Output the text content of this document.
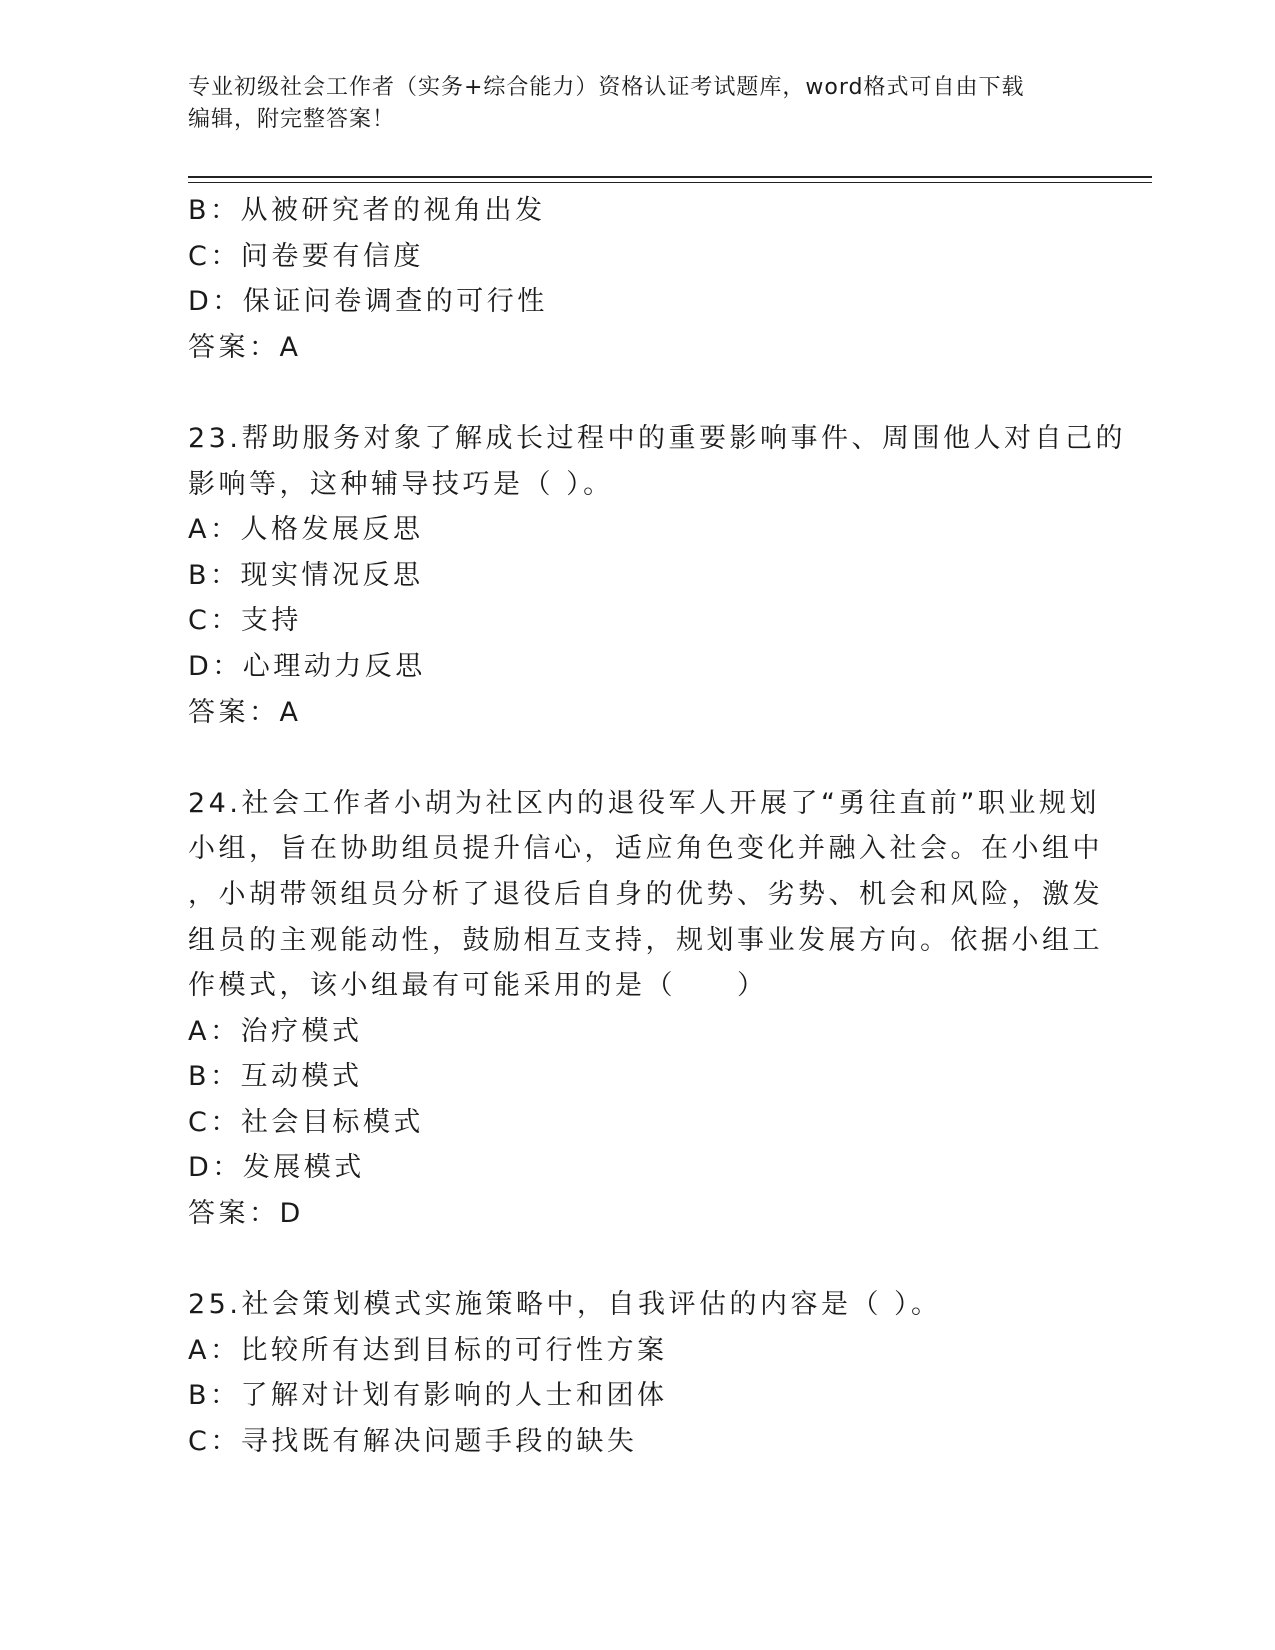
专业初级社会工作者（实务+综合能力）资格认证考试题库，word格式可自由下载
编辑，附完整答案！
B：从被研究者的视角出发
C：问卷要有信度
D：保证问卷调查的可行性
答案：A
23.帮助服务对象了解成长过程中的重要影响事件、周围他人对自己的
影响等，这种辅导技巧是（ ）。
A：人格发展反思
B：现实情况反思
C：支持
D：心理动力反思
答案：A
24.社会工作者小胡为社区内的退役军人开展了“勇往直前”职业规划
小组，旨在协助组员提升信心，适应角色变化并融入社会。在小组中
，小胡带领组员分析了退役后自身的优势、劣势、机会和风险，激发
组员的主观能动性，鼓励相互支持，规划事业发展方向。依据小组工
作模式，该小组最有可能采用的是（　　）
A：治疗模式
B：互动模式
C：社会目标模式
D：发展模式
答案：D
25.社会策划模式实施策略中，自我评估的内容是（ ）。
A：比较所有达到目标的可行性方案
B：了解对计划有影响的人士和团体
C：寻找既有解决问题手段的缺失
